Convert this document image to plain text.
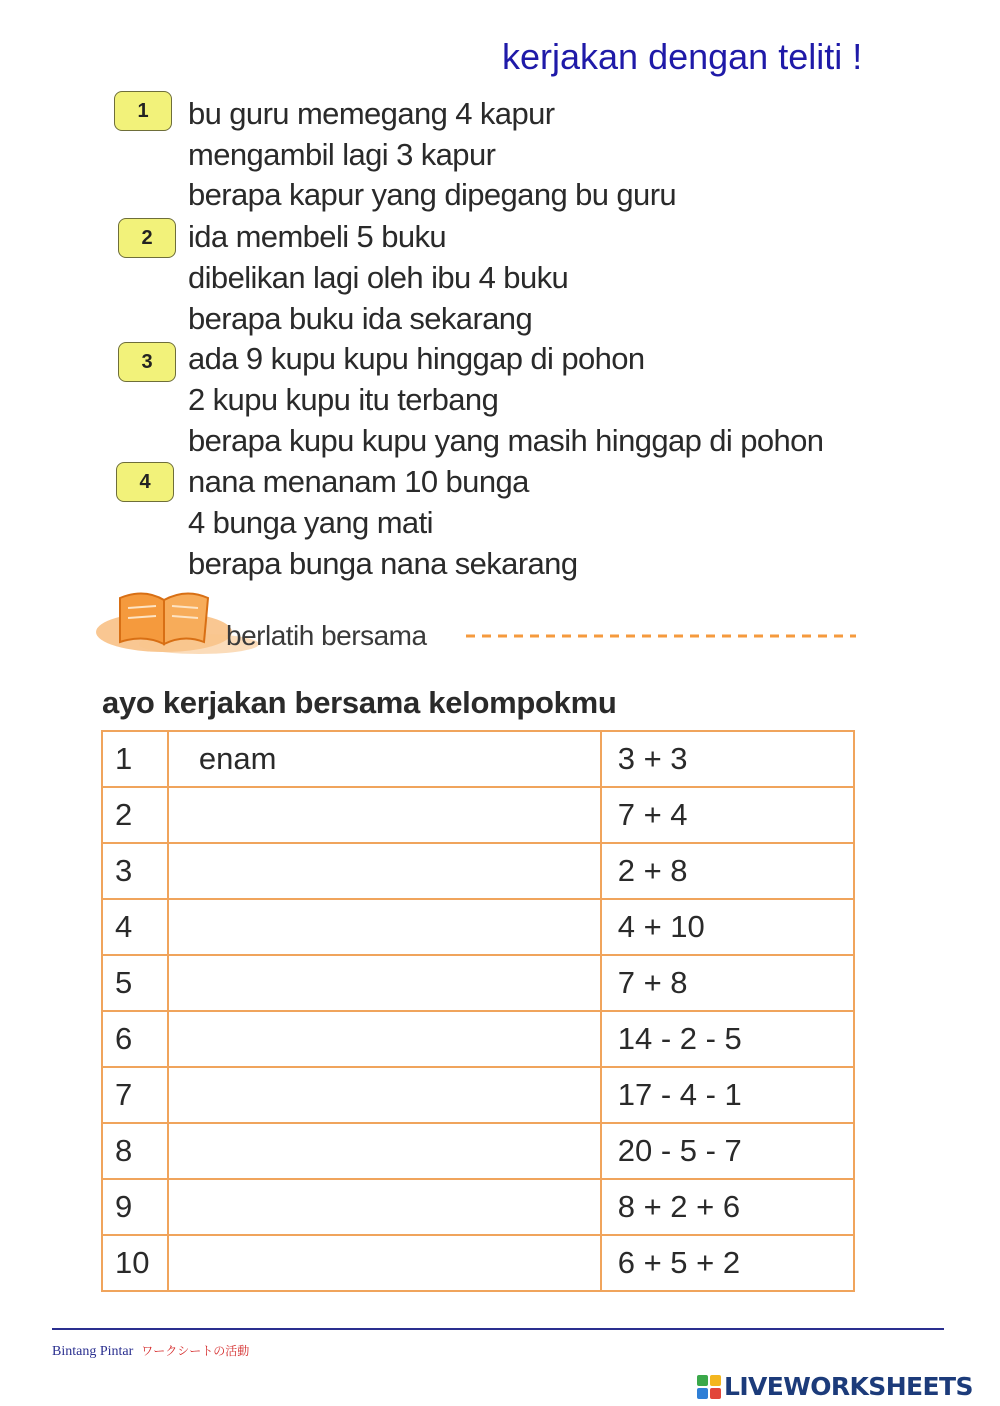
kerjakan dengan teliti !
1	bu guru memegang 4 kapur
mengambil lagi 3 kapur
berapa kapur yang dipegang bu guru
2	ida membeli 5 buku
dibelikan lagi oleh ibu 4 buku
berapa buku ida sekarang
3	ada 9 kupu kupu hinggap di pohon
2 kupu kupu itu terbang
berapa kupu kupu yang masih hinggap di pohon
4	nana menanam 10 bunga
4 bunga yang mati
berapa bunga nana sekarang
berlatih bersama
ayo kerjakan bersama kelompokmu
1	enam	3 + 3
2		7 + 4
3		2 + 8
4		4 + 10
5		7 + 8
6		14 - 2 - 5
7		17 - 4 - 1
8		20 - 5 - 7
9		8 + 2 + 6
10		6 + 5 + 2
Bintang Pintar ワークシートの活動
LIVEWORKSHEETS
